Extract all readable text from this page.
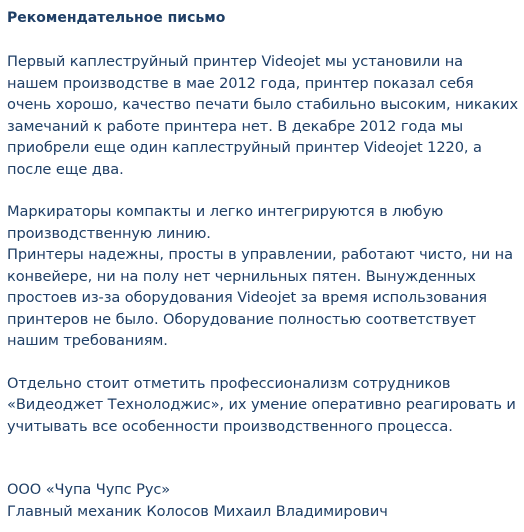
Рекомендательное письмо

Первый каплеструйный принтер Videojet мы установили на
нашем производстве в мае 2012 года, принтер показал себя
очень хорошо, качество печати было стабильно высоким, никаких
замечаний к работе принтера нет. В декабре 2012 года мы
приобрели еще один каплеструйный принтер Videojet 1220, а
после еще два.

Маркираторы компакты и легко интегрируются в любую
производственную линию.

Принтеры надежны, просты в управлении, работают чисто, ни на
конвейере, ни на полу нет чернильных пятен. Вынужденных
простоев из-за оборудования Videojet за время использования
принтеров не было. Оборудование полностью соответствует
нашим требованиям.

Отдельно стоит отметить профессионализм сотрудников
«Видеоджет Технолоджис», их умение оперативно реагировать и
учитывать все особенности производственного процесса.

ООО «Чупа Чупс Рус»

Главный механик Колосов Михаил Владимирович
